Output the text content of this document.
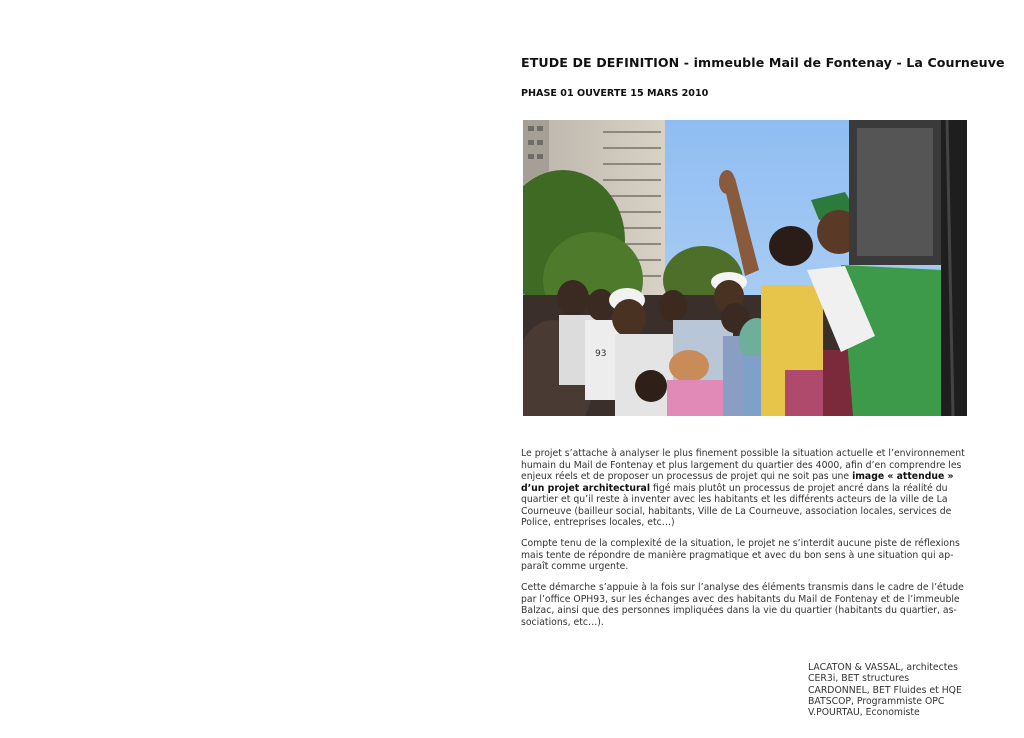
ETUDE DE DEFINITION - immeuble Mail de Fontenay - La Courneuve
PHASE 01 OUVERTE 15 MARS 2010
93

Le projet s’attache à analyser le plus finement possible la situation actuelle et l’environnement humain du Mail de Fontenay et plus largement du quartier des 4000, afin d’en comprendre les enjeux réels et de proposer un processus de projet qui ne soit pas une image « attendue » d’un projet architectural figé mais plutôt un processus de projet ancré dans la réalité du quartier et qu’il reste à inventer avec les habitants et les différents acteurs de la ville de La Courneuve (bailleur social, habitants, Ville de La Courneuve, association locales, services de Police, entreprises locales, etc…)

Compte tenu de la complexité de la situation, le projet ne s’interdit aucune piste de réflexions mais tente de répondre de manière pragmatique et avec du bon sens à une situation qui ap-paraît comme urgente.

Cette démarche s’appuie à la fois sur l’analyse des éléments transmis dans le cadre de l’étude par l’office OPH93, sur les échanges avec des habitants du Mail de Fontenay et de l’immeuble Balzac, ainsi que des personnes impliquées dans la vie du quartier (habitants du quartier, as-sociations, etc…).

LACATON & VASSAL, architectes
CER3i, BET structures
CARDONNEL, BET Fluides et HQE
BATSCOP, Programmiste OPC
V.POURTAU, Economiste
